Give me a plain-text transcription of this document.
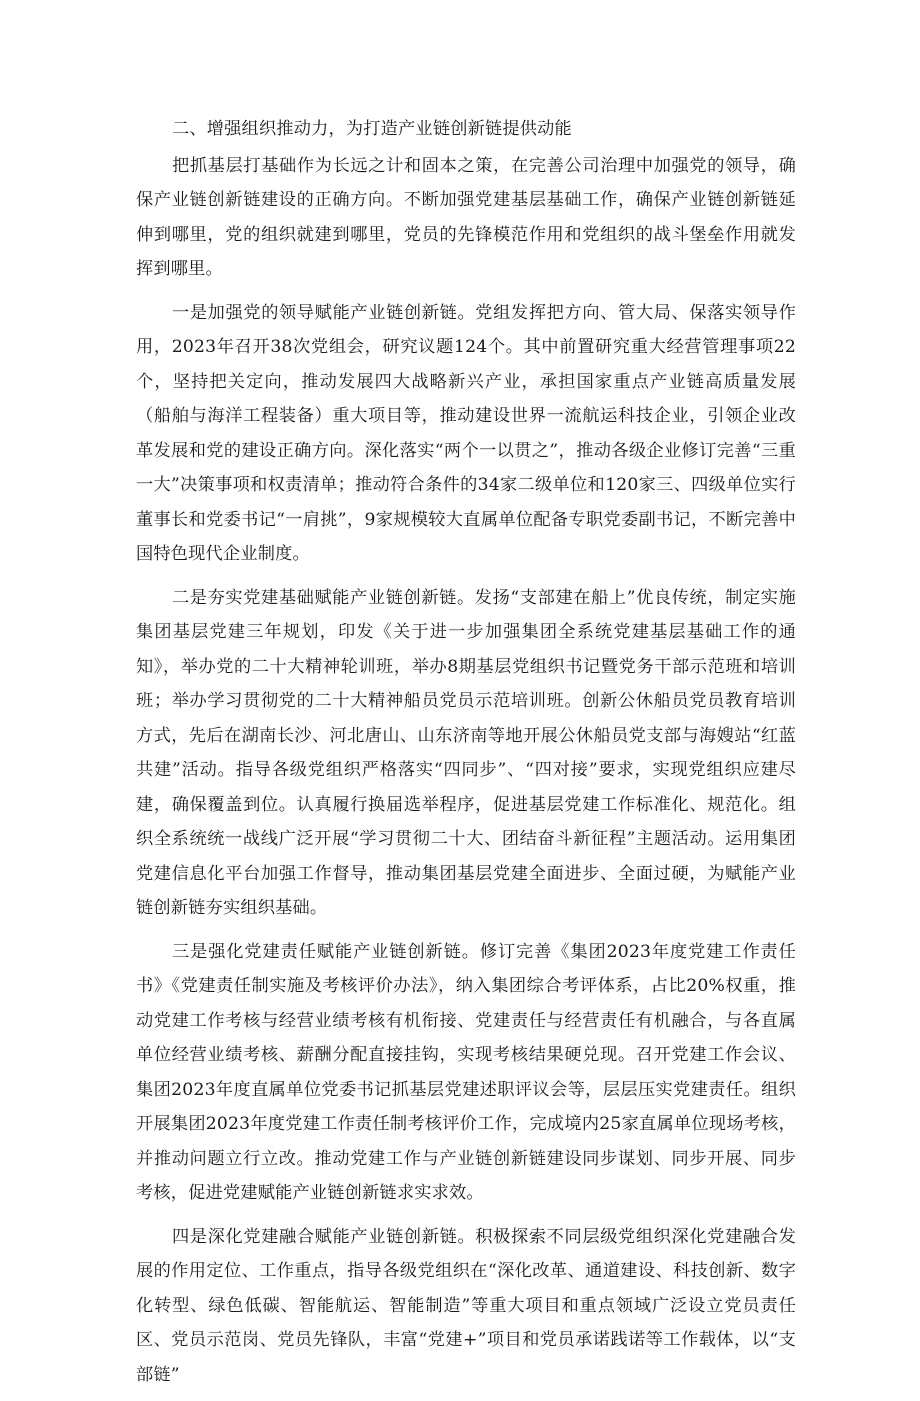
二、增强组织推动力，为打造产业链创新链提供动能

把抓基层打基础作为长远之计和固本之策，在完善公司治理中加强党的领导，确保产业链创新链建设的正确方向。不断加强党建基层基础工作，确保产业链创新链延伸到哪里，党的组织就建到哪里，党员的先锋模范作用和党组织的战斗堡垒作用就发挥到哪里。

一是加强党的领导赋能产业链创新链。党组发挥把方向、管大局、保落实领导作用，2023年召开38次党组会，研究议题124个。其中前置研究重大经营管理事项22个，坚持把关定向，推动发展四大战略新兴产业，承担国家重点产业链高质量发展（船舶与海洋工程装备）重大项目等，推动建设世界一流航运科技企业，引领企业改革发展和党的建设正确方向。深化落实“两个一以贯之”，推动各级企业修订完善“三重一大”决策事项和权责清单；推动符合条件的34家二级单位和120家三、四级单位实行董事长和党委书记“一肩挑”，9家规模较大直属单位配备专职党委副书记，不断完善中国特色现代企业制度。

二是夯实党建基础赋能产业链创新链。发扬“支部建在船上”优良传统，制定实施集团基层党建三年规划，印发《关于进一步加强集团全系统党建基层基础工作的通知》，举办党的二十大精神轮训班，举办8期基层党组织书记暨党务干部示范班和培训班；举办学习贯彻党的二十大精神船员党员示范培训班。创新公休船员党员教育培训方式，先后在湖南长沙、河北唐山、山东济南等地开展公休船员党支部与海嫂站“红蓝共建”活动。指导各级党组织严格落实“四同步”、“四对接”要求，实现党组织应建尽建，确保覆盖到位。认真履行换届选举程序，促进基层党建工作标准化、规范化。组织全系统统一战线广泛开展“学习贯彻二十大、团结奋斗新征程”主题活动。运用集团党建信息化平台加强工作督导，推动集团基层党建全面进步、全面过硬，为赋能产业链创新链夯实组织基础。

三是强化党建责任赋能产业链创新链。修订完善《集团2023年度党建工作责任书》《党建责任制实施及考核评价办法》，纳入集团综合考评体系，占比20%权重，推动党建工作考核与经营业绩考核有机衔接、党建责任与经营责任有机融合，与各直属单位经营业绩考核、薪酬分配直接挂钩，实现考核结果硬兑现。召开党建工作会议、集团2023年度直属单位党委书记抓基层党建述职评议会等，层层压实党建责任。组织开展集团2023年度党建工作责任制考核评价工作，完成境内25家直属单位现场考核，并推动问题立行立改。推动党建工作与产业链创新链建设同步谋划、同步开展、同步考核，促进党建赋能产业链创新链求实求效。

四是深化党建融合赋能产业链创新链。积极探索不同层级党组织深化党建融合发展的作用定位、工作重点，指导各级党组织在“深化改革、通道建设、科技创新、数字化转型、绿色低碳、智能航运、智能制造”等重大项目和重点领域广泛设立党员责任区、党员示范岗、党员先锋队，丰富“党建+”项目和党员承诺践诺等工作载体，以“支部链”
